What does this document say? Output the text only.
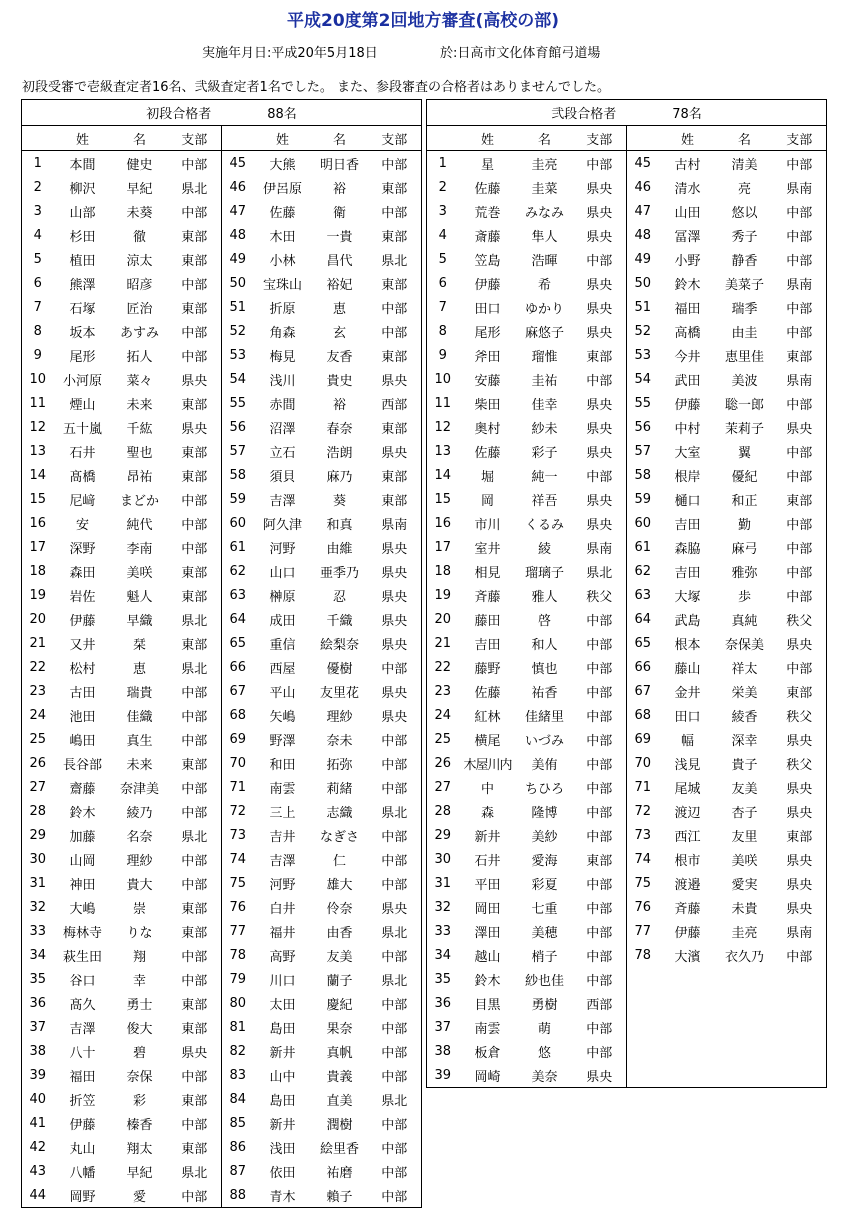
平成20度第2回地方審査(高校の部)
実施年月日:平成20年5月18日	於:日高市文化体育館弓道場
初段受審で壱級査定者16名、弐級査定者1名でした。 また、参段審査の合格者はありませんでした。
初段合格者 88名							
	姓	名	支部		姓	名	支部
1	本間	健史	中部	45	大熊	明日香	中部
2	柳沢	早紀	県北	46	伊呂原	裕	東部
3	山部	未葵	中部	47	佐藤	衛	中部
4	杉田	徹	東部	48	木田	一貴	東部
5	植田	涼太	東部	49	小林	昌代	県北
6	熊澤	昭彦	中部	50	宝珠山	裕妃	東部
7	石塚	匠治	東部	51	折原	恵	中部
8	坂本	あすみ	中部	52	角森	玄	中部
9	尾形	拓人	中部	53	梅見	友香	東部
10	小河原	菜々	県央	54	浅川	貴史	県央
11	煙山	未来	東部	55	赤間	裕	西部
12	五十嵐	千紘	県央	56	沼澤	春奈	東部
13	石井	聖也	東部	57	立石	浩朗	県央
14	髙橋	昂祐	東部	58	須貝	麻乃	東部
15	尼﨑	まどか	中部	59	吉澤	葵	東部
16	安	純代	中部	60	阿久津	和真	県南
17	深野	李南	中部	61	河野	由維	県央
18	森田	美咲	東部	62	山口	亜季乃	県央
19	岩佐	魁人	東部	63	榊原	忍	県央
20	伊藤	早織	県北	64	成田	千織	県央
21	又井	栞	東部	65	重信	絵梨奈	県央
22	松村	恵	県北	66	西屋	優樹	中部
23	古田	瑞貴	中部	67	平山	友里花	県央
24	池田	佳織	中部	68	矢嶋	理紗	県央
25	嶋田	真生	中部	69	野澤	奈未	中部
26	長谷部	未来	東部	70	和田	拓弥	中部
27	齋藤	奈津美	中部	71	南雲	莉緒	中部
28	鈴木	綾乃	中部	72	三上	志織	県北
29	加藤	名奈	県北	73	吉井	なぎさ	中部
30	山岡	理紗	中部	74	吉澤	仁	中部
31	神田	貴大	中部	75	河野	雄大	中部
32	大嶋	崇	東部	76	白井	伶奈	県央
33	梅林寺	りな	東部	77	福井	由香	県北
34	萩生田	翔	中部	78	高野	友美	中部
35	谷口	幸	中部	79	川口	蘭子	県北
36	髙久	勇士	東部	80	太田	慶紀	中部
37	吉澤	俊大	東部	81	島田	果奈	中部
38	八十	碧	県央	82	新井	真帆	中部
39	福田	奈保	中部	83	山中	貴義	中部
40	折笠	彩	東部	84	島田	直美	県北
41	伊藤	榛香	中部	85	新井	潤樹	中部
42	丸山	翔太	東部	86	浅田	絵里香	中部
43	八幡	早紀	県北	87	依田	祐磨	中部
44	岡野	愛	中部	88	青木	賴子	中部
弐段合格者 78名							
	姓	名	支部		姓	名	支部
1	星	圭亮	中部	45	古村	清美	中部
2	佐藤	圭菜	県央	46	清水	亮	県南
3	荒巻	みなみ	県央	47	山田	悠以	中部
4	斎藤	隼人	県央	48	冨澤	秀子	中部
5	笠島	浩暉	中部	49	小野	静香	中部
6	伊藤	希	県央	50	鈴木	美菜子	県南
7	田口	ゆかり	県央	51	福田	瑞季	中部
8	尾形	麻悠子	県央	52	高橋	由圭	中部
9	斧田	瑠惟	東部	53	今井	恵里佳	東部
10	安藤	圭祐	中部	54	武田	美波	県南
11	柴田	佳幸	県央	55	伊藤	聡一郎	中部
12	奥村	紗未	県央	56	中村	茉莉子	県央
13	佐藤	彩子	県央	57	大室	翼	中部
14	堀	純一	中部	58	根岸	優紀	中部
15	岡	祥吾	県央	59	樋口	和正	東部
16	市川	くるみ	県央	60	吉田	勤	中部
17	室井	綾	県南	61	森脇	麻弓	中部
18	相見	瑠璃子	県北	62	吉田	雅弥	中部
19	斉藤	雅人	秩父	63	大塚	歩	中部
20	藤田	啓	中部	64	武島	真純	秩父
21	吉田	和人	中部	65	根本	奈保美	県央
22	藤野	慎也	中部	66	藤山	祥太	中部
23	佐藤	祐香	中部	67	金井	栄美	東部
24	紅林	佳緒里	中部	68	田口	綾香	秩父
25	横尾	いづみ	中部	69	幅	深幸	県央
26	木屋川内	美侑	中部	70	浅見	貴子	秩父
27	中	ちひろ	中部	71	尾城	友美	県央
28	森	隆博	中部	72	渡辺	杏子	県央
29	新井	美紗	中部	73	西江	友里	東部
30	石井	愛海	東部	74	根市	美咲	県央
31	平田	彩夏	中部	75	渡邉	愛実	県央
32	岡田	七重	中部	76	斉藤	未貴	県央
33	澤田	美穂	中部	77	伊藤	圭亮	県南
34	越山	梢子	中部	78	大濱	衣久乃	中部
35	鈴木	紗也佳	中部				
36	目黒	勇樹	西部				
37	南雲	萌	中部				
38	板倉	悠	中部				
39	岡崎	美奈	県央				
